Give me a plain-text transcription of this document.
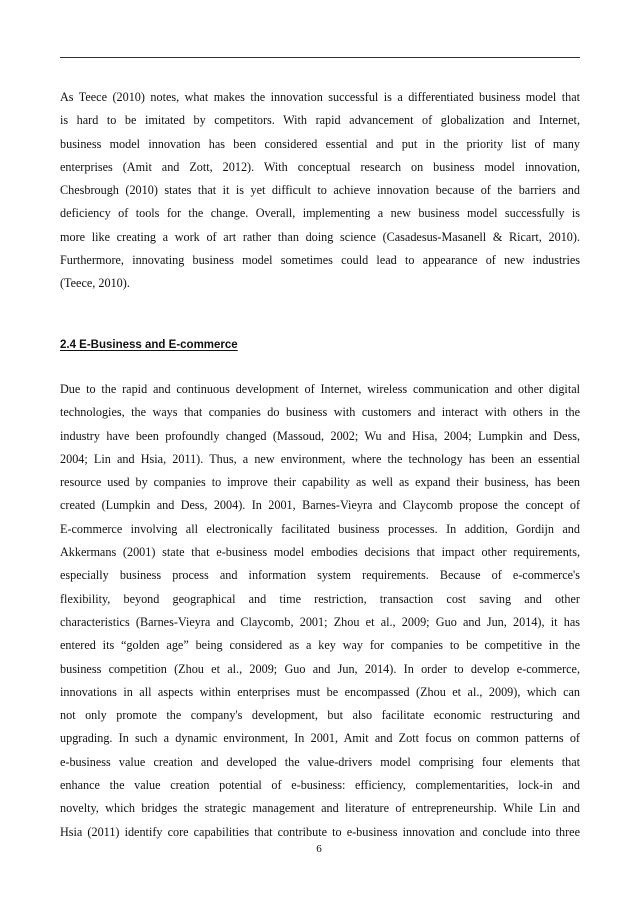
As Teece (2010) notes, what makes the innovation successful is a differentiated business model that
is hard to be imitated by competitors. With rapid advancement of globalization and Internet,
business model innovation has been considered essential and put in the priority list of many
enterprises (Amit and Zott, 2012). With conceptual research on business model innovation,
Chesbrough (2010) states that it is yet difficult to achieve innovation because of the barriers and
deficiency of tools for the change. Overall, implementing a new business model successfully is
more like creating a work of art rather than doing science (Casadesus-Masanell & Ricart, 2010).
Furthermore, innovating business model sometimes could lead to appearance of new industries
(Teece, 2010).
2.4 E-Business and E-commerce
Due to the rapid and continuous development of Internet, wireless communication and other digital
technologies, the ways that companies do business with customers and interact with others in the
industry have been profoundly changed (Massoud, 2002; Wu and Hisa, 2004; Lumpkin and Dess,
2004; Lin and Hsia, 2011). Thus, a new environment, where the technology has been an essential
resource used by companies to improve their capability as well as expand their business, has been
created (Lumpkin and Dess, 2004). In 2001, Barnes-Vieyra and Claycomb propose the concept of
E-commerce involving all electronically facilitated business processes. In addition, Gordijn and
Akkermans (2001) state that e-business model embodies decisions that impact other requirements,
especially business process and information system requirements. Because of e-commerce's
flexibility, beyond geographical and time restriction, transaction cost saving and other
characteristics (Barnes-Vieyra and Claycomb, 2001; Zhou et al., 2009; Guo and Jun, 2014), it has
entered its “golden age” being considered as a key way for companies to be competitive in the
business competition (Zhou et al., 2009; Guo and Jun, 2014). In order to develop e-commerce,
innovations in all aspects within enterprises must be encompassed (Zhou et al., 2009), which can
not only promote the company's development, but also facilitate economic restructuring and
upgrading. In such a dynamic environment, In 2001, Amit and Zott focus on common patterns of
e-business value creation and developed the value-drivers model comprising four elements that
enhance the value creation potential of e-business: efficiency, complementarities, lock-in and
novelty, which bridges the strategic management and literature of entrepreneurship. While Lin and
Hsia (2011) identify core capabilities that contribute to e-business innovation and conclude into three
6
